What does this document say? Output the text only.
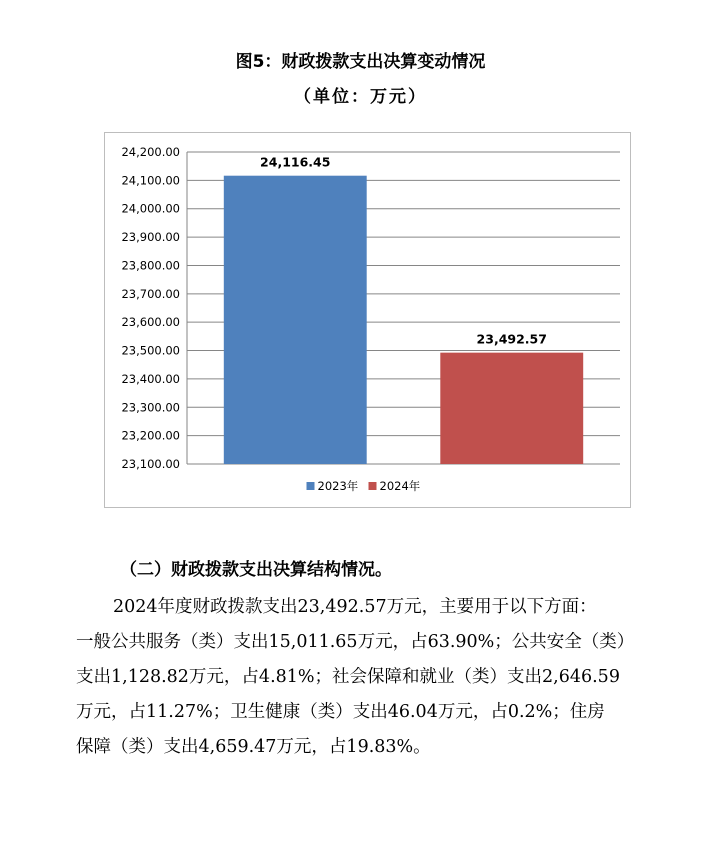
图5：财政拨款支出决算变动情况
（单位：万元）
24,200.00
24,100.00
24,000.00
23,900.00
23,800.00
23,700.00
23,600.00
23,500.00
23,400.00
23,300.00
23,200.00
23,100.00
24,116.45
23,492.57
2023年 2024年
（二）财政拨款支出决算结构情况。
2024年度财政拨款支出23,492.57万元，主要用于以下方面：
一般公共服务（类）支出15,011.65万元，占63.90%；公共安全（类）
支出1,128.82万元，占4.81%；社会保障和就业（类）支出2,646.59
万元，占11.27%；卫生健康（类）支出46.04万元，占0.2%；住房
保障（类）支出4,659.47万元，占19.83%。
